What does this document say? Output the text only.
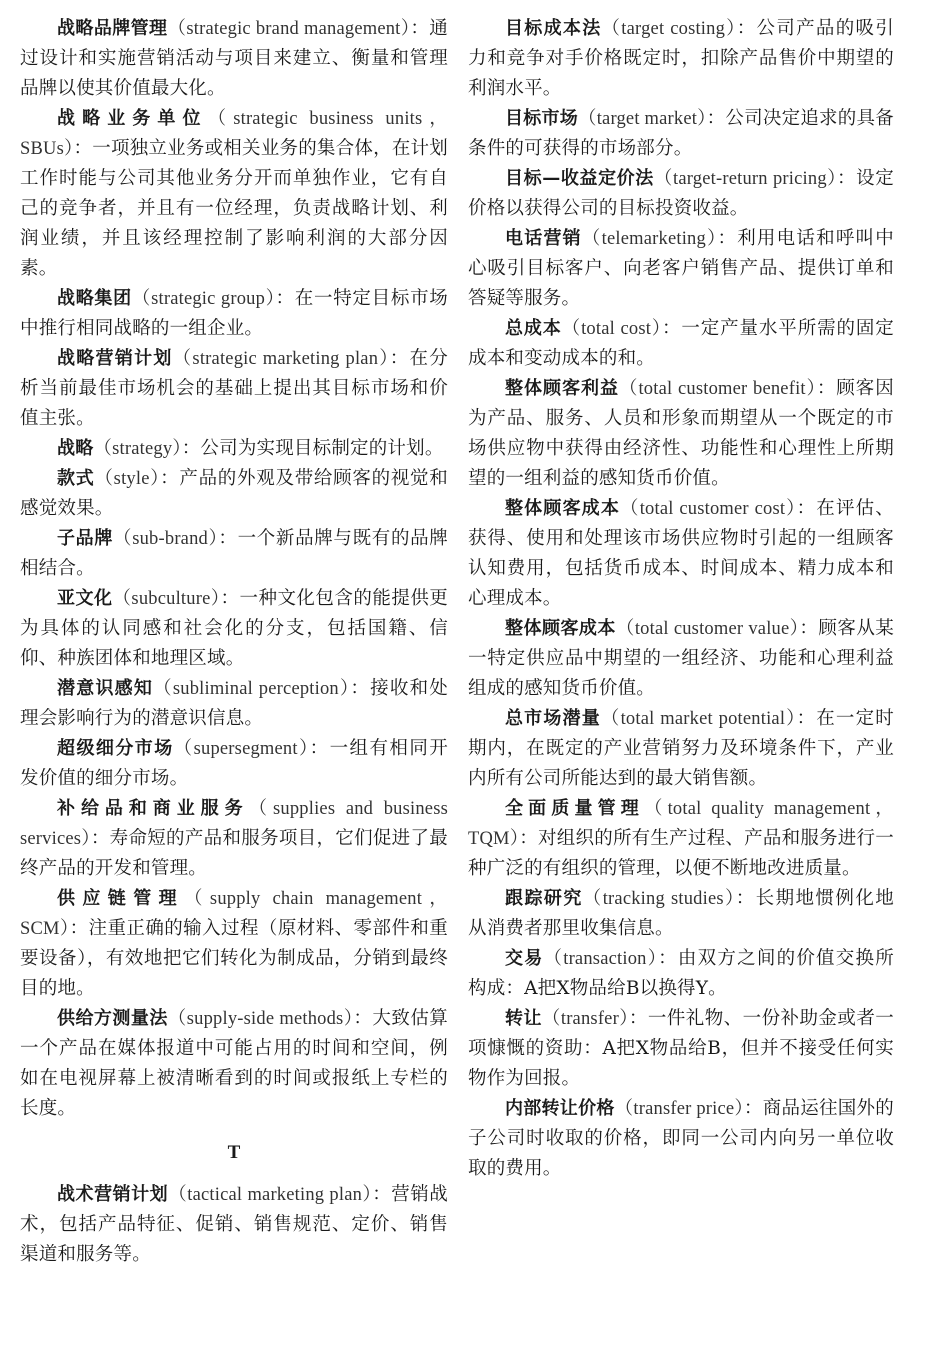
战略品牌管理（strategic brand management）：通过设计和实施营销活动与项目来建立、衡量和管理品牌以使其价值最大化。

战略业务单位（strategic business units，SBUs）：一项独立业务或相关业务的集合体，在计划工作时能与公司其他业务分开而单独作业，它有自己的竞争者，并且有一位经理，负责战略计划、利润业绩，并且该经理控制了影响利润的大部分因素。

战略集团（strategic group）：在一特定目标市场中推行相同战略的一组企业。

战略营销计划（strategic marketing plan）：在分析当前最佳市场机会的基础上提出其目标市场和价值主张。

战略（strategy）：公司为实现目标制定的计划。

款式（style）：产品的外观及带给顾客的视觉和感觉效果。

子品牌（sub-brand）：一个新品牌与既有的品牌相结合。

亚文化（subculture）：一种文化包含的能提供更为具体的认同感和社会化的分支，包括国籍、信仰、种族团体和地理区域。

潜意识感知（subliminal perception）：接收和处理会影响行为的潜意识信息。

超级细分市场（supersegment）：一组有相同开发价值的细分市场。

补给品和商业服务（supplies and business services）：寿命短的产品和服务项目，它们促进了最终产品的开发和管理。

供应链管理（supply chain management，SCM）：注重正确的输入过程（原材料、零部件和重要设备），有效地把它们转化为制成品，分销到最终目的地。

供给方测量法（supply-side methods）：大致估算一个产品在媒体报道中可能占用的时间和空间，例如在电视屏幕上被清晰看到的时间或报纸上专栏的长度。

T

战术营销计划（tactical marketing plan）：营销战术，包括产品特征、促销、销售规范、定价、销售渠道和服务等。

目标成本法（target costing）：公司产品的吸引力和竞争对手价格既定时，扣除产品售价中期望的利润水平。

目标市场（target market）：公司决定追求的具备条件的可获得的市场部分。

目标—收益定价法（target-return pricing）：设定价格以获得公司的目标投资收益。

电话营销（telemarketing）：利用电话和呼叫中心吸引目标客户、向老客户销售产品、提供订单和答疑等服务。

总成本（total cost）：一定产量水平所需的固定成本和变动成本的和。

整体顾客利益（total customer benefit）：顾客因为产品、服务、人员和形象而期望从一个既定的市场供应物中获得由经济性、功能性和心理性上所期望的一组利益的感知货币价值。

整体顾客成本（total customer cost）：在评估、获得、使用和处理该市场供应物时引起的一组顾客认知费用，包括货币成本、时间成本、精力成本和心理成本。

整体顾客成本（total customer value）：顾客从某一特定供应品中期望的一组经济、功能和心理利益组成的感知货币价值。

总市场潜量（total market potential）：在一定时期内，在既定的产业营销努力及环境条件下，产业内所有公司所能达到的最大销售额。

全面质量管理（total quality management，TQM）：对组织的所有生产过程、产品和服务进行一种广泛的有组织的管理，以便不断地改进质量。

跟踪研究（tracking studies）：长期地惯例化地从消费者那里收集信息。

交易（transaction）：由双方之间的价值交换所构成：A把X物品给B以换得Y。

转让（transfer）：一件礼物、一份补助金或者一项慷慨的资助：A把X物品给B，但并不接受任何实物作为回报。

内部转让价格（transfer price）：商品运往国外的子公司时收取的价格，即同一公司内向另一单位收取的费用。
